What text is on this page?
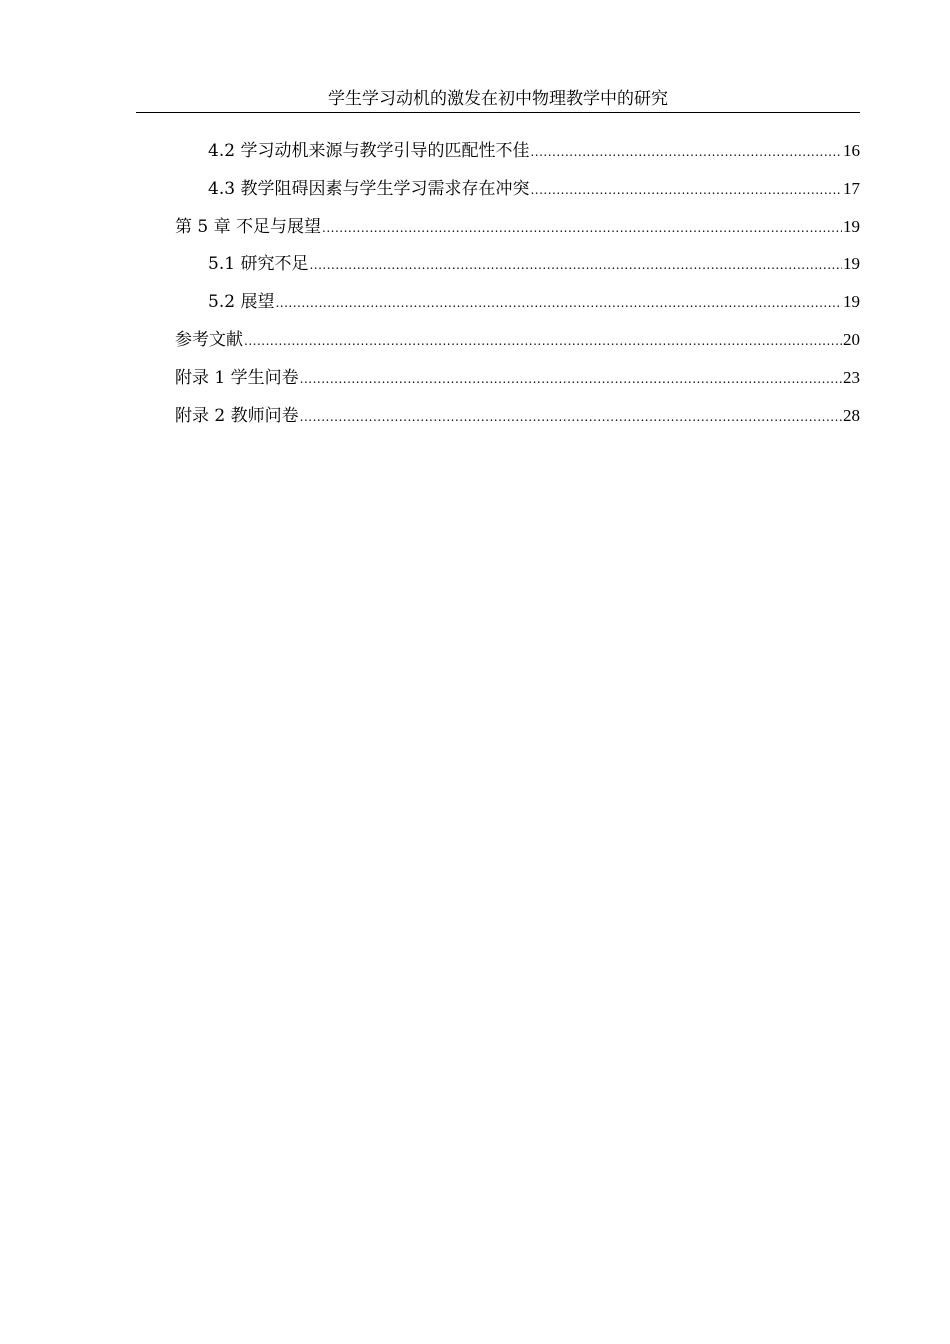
学生学习动机的激发在初中物理教学中的研究
4.2 学习动机来源与教学引导的匹配性不佳 .....	16
4.3 教学阻碍因素与学生学习需求存在冲突 .....	17
第 5 章 不足与展望 .....	19
5.1 研究不足 .....	19
5.2 展望 .....	19
参考文献 .....	20
附录 1 学生问卷 .....	23
附录 2 教师问卷 .....	28
